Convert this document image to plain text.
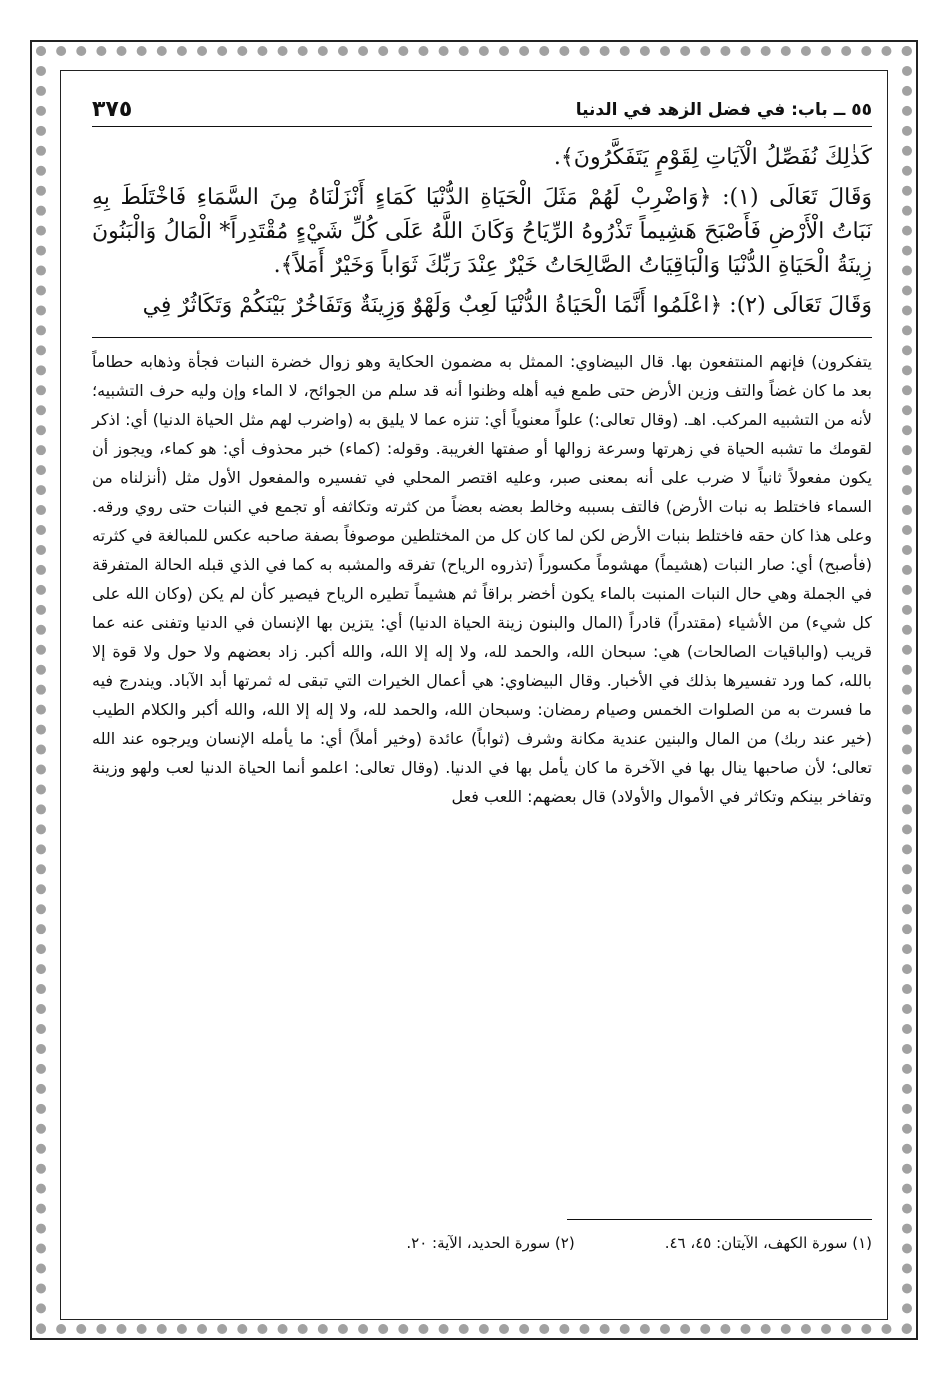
٥٥ ــ باب: في فضل الزهد في الدنيا
٣٧٥

كَذٰلِكَ نُفَصِّلُ الْآيَاتِ لِقَوْمٍ يَتَفَكَّرُونَ﴾.

وَقَالَ تَعَالَى (١): ﴿وَاضْرِبْ لَهُمْ مَثَلَ الْحَيَاةِ الدُّنْيَا كَمَاءٍ أَنْزَلْنَاهُ مِنَ السَّمَاءِ فَاخْتَلَطَ بِهِ نَبَاتُ الْأَرْضِ فَأَصْبَحَ هَشِيماً تَذْرُوهُ الرِّيَاحُ وَكَانَ اللَّهُ عَلَى كُلِّ شَيْءٍ مُقْتَدِراً* الْمَالُ وَالْبَنُونَ زِينَةُ الْحَيَاةِ الدُّنْيَا وَالْبَاقِيَاتُ الصَّالِحَاتُ خَيْرٌ عِنْدَ رَبِّكَ ثَوَاباً وَخَيْرٌ أَمَلاً﴾.

وَقَالَ تَعَالَى (٢): ﴿اعْلَمُوا أَنَّمَا الْحَيَاةُ الدُّنْيَا لَعِبٌ وَلَهْوٌ وَزِينَةٌ وَتَفَاخُرٌ بَيْنَكُمْ وَتَكَاثُرٌ فِي

يتفكرون) فإنهم المنتفعون بها. قال البيضاوي: الممثل به مضمون الحكاية وهو زوال خضرة النبات فجأة وذهابه حطاماً بعد ما كان غضاً والتف وزين الأرض حتى طمع فيه أهله وظنوا أنه قد سلم من الجوائح، لا الماء وإن وليه حرف التشبيه؛ لأنه من التشبيه المركب. اهـ. (وقال تعالى:) علواً معنوياً أي: تنزه عما لا يليق به (واضرب لهم مثل الحياة الدنيا) أي: اذكر لقومك ما تشبه الحياة في زهرتها وسرعة زوالها أو صفتها الغريبة. وقوله: (كماء) خبر محذوف أي: هو كماء، ويجوز أن يكون مفعولاً ثانياً لا ضرب على أنه بمعنى صبر، وعليه اقتصر المحلي في تفسيره والمفعول الأول مثل (أنزلناه من السماء فاختلط به نبات الأرض) فالتف بسببه وخالط بعضه بعضاً من كثرته وتكاثفه أو تجمع في النبات حتى روي ورقه. وعلى هذا كان حقه فاختلط بنبات الأرض لكن لما كان كل من المختلطين موصوفاً بصفة صاحبه عكس للمبالغة في كثرته (فأصبح) أي: صار النبات (هشيماً) مهشوماً مكسوراً (تذروه الرياح) تفرقه والمشبه به كما في الذي قبله الحالة المتفرقة في الجملة وهي حال النبات المنبت بالماء يكون أخضر براقاً ثم هشيماً تطيره الرياح فيصير كأن لم يكن (وكان الله على كل شيء) من الأشياء (مقتدراً) قادراً (المال والبنون زينة الحياة الدنيا) أي: يتزين بها الإنسان في الدنيا وتفنى عنه عما قريب (والباقيات الصالحات) هي: سبحان الله، والحمد لله، ولا إله إلا الله، والله أكبر. زاد بعضهم ولا حول ولا قوة إلا بالله، كما ورد تفسيرها بذلك في الأخبار. وقال البيضاوي: هي أعمال الخيرات التي تبقى له ثمرتها أبد الآباد. ويندرج فيه ما فسرت به من الصلوات الخمس وصيام رمضان: وسبحان الله، والحمد لله، ولا إله إلا الله، والله أكبر والكلام الطيب (خير عند ربك) من المال والبنين عندية مكانة وشرف (ثواباً) عائدة (وخير أملاً) أي: ما يأمله الإنسان ويرجوه عند الله تعالى؛ لأن صاحبها ينال بها في الآخرة ما كان يأمل بها في الدنيا. (وقال تعالى: اعلمو أنما الحياة الدنيا لعب ولهو وزينة وتفاخر بينكم وتكاثر في الأموال والأولاد) قال بعضهم: اللعب فعل

(١) سورة الكهف، الآيتان: ٤٥، ٤٦.
(٢) سورة الحديد، الآية: ٢٠.
